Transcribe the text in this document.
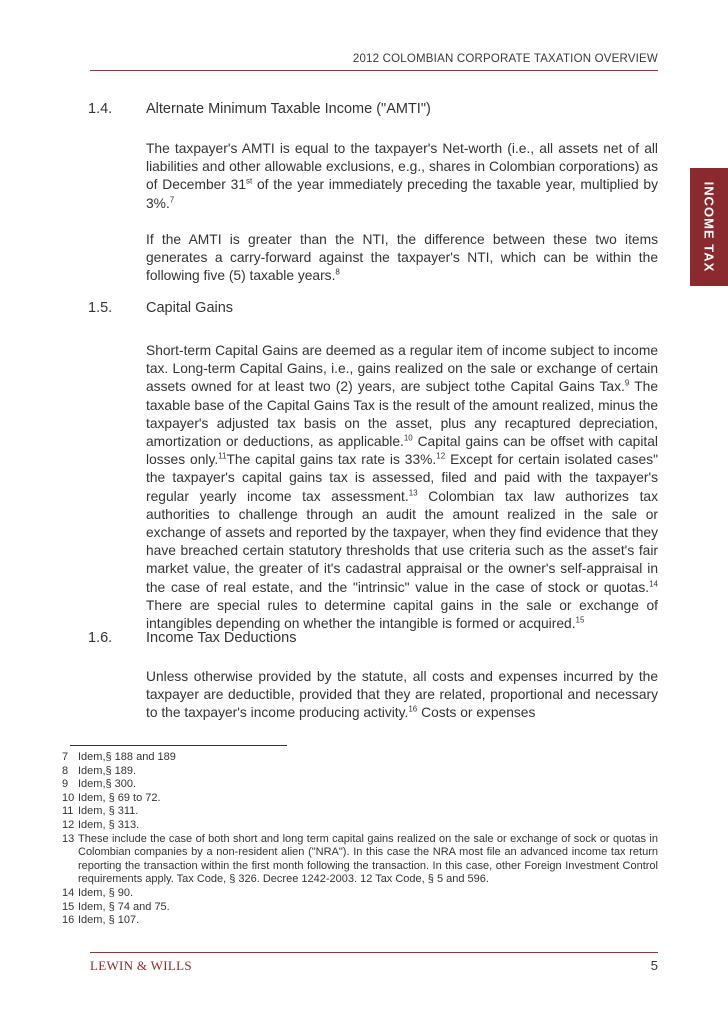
2012 COLOMBIAN CORPORATE TAXATION OVERVIEW
INCOME TAX
1.4. Alternate Minimum Taxable Income ("AMTI")
The taxpayer's AMTI is equal to the taxpayer's Net-worth (i.e., all assets net of all liabilities and other allowable exclusions, e.g., shares in Colombian corporations) as of December 31st of the year immediately preceding the taxable year, multiplied by 3%.$^7$
If the AMTI is greater than the NTI, the difference between these two items generates a carry-forward against the taxpayer's NTI, which can be within the following five (5) taxable years.$^8$
1.5. Capital Gains
Short-term Capital Gains are deemed as a regular item of income subject to income tax. Long-term Capital Gains, i.e., gains realized on the sale or exchange of certain assets owned for at least two (2) years, are subject tothe Capital Gains Tax.$^9$ The taxable base of the Capital Gains Tax is the result of the amount realized, minus the taxpayer's adjusted tax basis on the asset, plus any recaptured depreciation, amortization or deductions, as applicable.$^{10}$ Capital gains can be offset with capital losses only.$^{11}$The capital gains tax rate is 33%.$^{12}$ Except for certain isolated cases" the taxpayer's capital gains tax is assessed, filed and paid with the taxpayer's regular yearly income tax assessment.$^{13}$ Colombian tax law authorizes tax authorities to challenge through an audit the amount realized in the sale or exchange of assets and reported by the taxpayer, when they find evidence that they have breached certain statutory thresholds that use criteria such as the asset's fair market value, the greater of it's cadastral appraisal or the owner's self-appraisal in the case of real estate, and the "intrinsic" value in the case of stock or quotas.$^{14}$ There are special rules to determine capital gains in the sale or exchange of intangibles depending on whether the intangible is formed or acquired.$^{15}$
1.6. Income Tax Deductions
Unless otherwise provided by the statute, all costs and expenses incurred by the taxpayer are deductible, provided that they are related, proportional and necessary to the taxpayer's income producing activity.$^{16}$ Costs or expenses
7 Idem,§ 188 and 189
8 Idem,§ 189.
9 Idem,§ 300.
10 Idem, § 69 to 72.
11 Idem, § 311.
12 Idem, § 313.
13 These include the case of both short and long term capital gains realized on the sale or exchange of sock or quotas in Colombian companies by a non-resident alien ("NRA"). In this case the NRA most file an advanced income tax return reporting the transaction within the first month following the transaction. In this case, other Foreign Investment Control requirements apply. Tax Code, § 326. Decree 1242-2003. 12 Tax Code, § 5 and 596.
14 Idem, § 90.
15 Idem, § 74 and 75.
16 Idem, § 107.
LEWIN & WILLS	5
